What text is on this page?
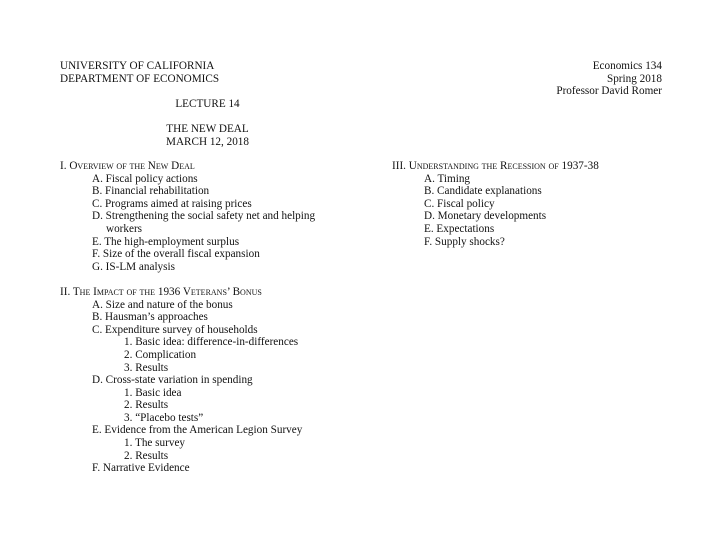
UNIVERSITY OF CALIFORNIA
DEPARTMENT OF ECONOMICS
Economics 134
Spring 2018
Professor David Romer
LECTURE 14
THE NEW DEAL
MARCH 12, 2018
I. Overview of the New Deal
A. Fiscal policy actions
B. Financial rehabilitation
C. Programs aimed at raising prices
D. Strengthening the social safety net and helping
workers
E. The high-employment surplus
F. Size of the overall fiscal expansion
G. IS-LM analysis
II. The Impact of the 1936 Veterans’ Bonus
A. Size and nature of the bonus
B. Hausman’s approaches
C. Expenditure survey of households
1. Basic idea: difference-in-differences
2. Complication
3. Results
D. Cross-state variation in spending
1. Basic idea
2. Results
3. “Placebo tests”
E. Evidence from the American Legion Survey
1. The survey
2. Results
F. Narrative Evidence
III. Understanding the Recession of 1937-38
A. Timing
B. Candidate explanations
C. Fiscal policy
D. Monetary developments
E. Expectations
F. Supply shocks?
